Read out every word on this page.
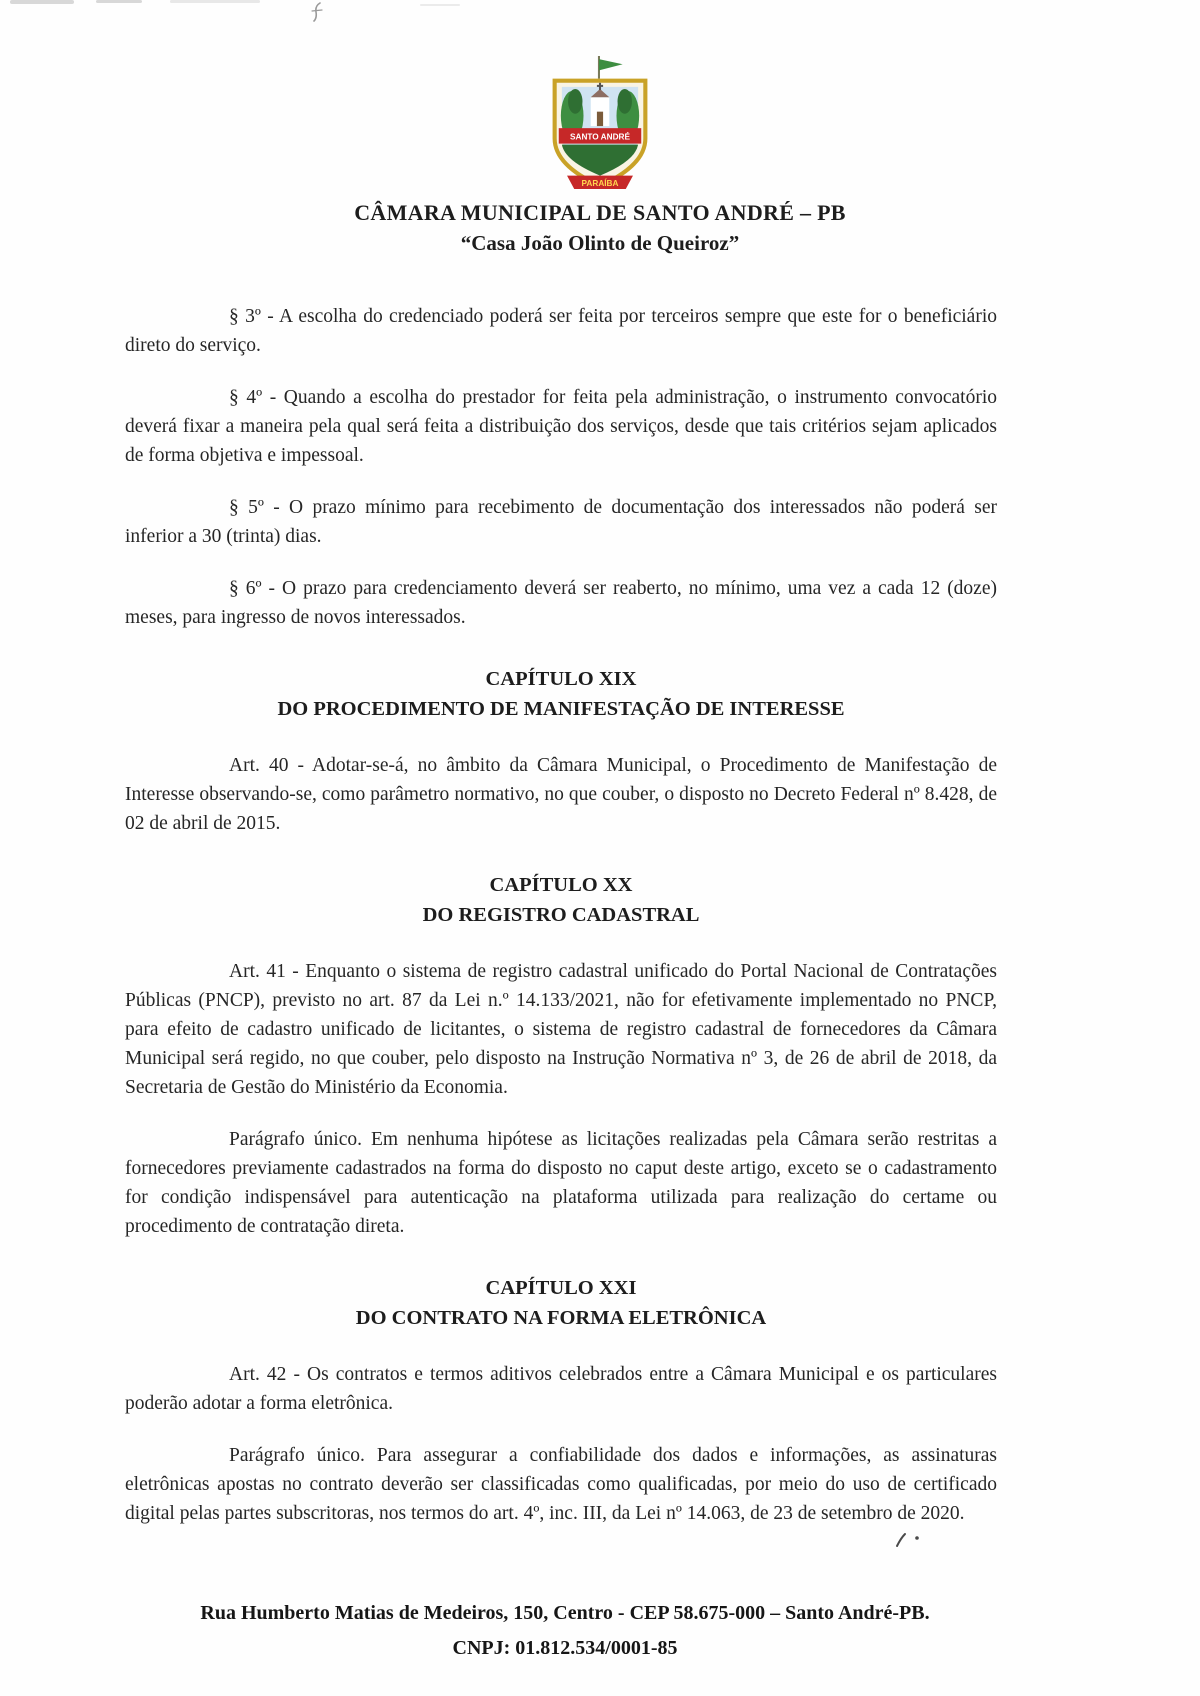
SANTO ANDRÉ
PARAÍBA
CÂMARA MUNICIPAL DE SANTO ANDRÉ – PB
“Casa João Olinto de Queiroz”

§ 3º - A escolha do credenciado poderá ser feita por terceiros sempre que este for o beneficiário direto do serviço.

§ 4º - Quando a escolha do prestador for feita pela administração, o instrumento convocatório deverá fixar a maneira pela qual será feita a distribuição dos serviços, desde que tais critérios sejam aplicados de forma objetiva e impessoal.

§ 5º - O prazo mínimo para recebimento de documentação dos interessados não poderá ser inferior a 30 (trinta) dias.

§ 6º - O prazo para credenciamento deverá ser reaberto, no mínimo, uma vez a cada 12 (doze) meses, para ingresso de novos interessados.

CAPÍTULO XIX
DO PROCEDIMENTO DE MANIFESTAÇÃO DE INTERESSE

Art. 40 - Adotar-se-á, no âmbito da Câmara Municipal, o Procedimento de Manifestação de Interesse observando-se, como parâmetro normativo, no que couber, o disposto no Decreto Federal nº 8.428, de 02 de abril de 2015.

CAPÍTULO XX
DO REGISTRO CADASTRAL

Art. 41 - Enquanto o sistema de registro cadastral unificado do Portal Nacional de Contratações Públicas (PNCP), previsto no art. 87 da Lei n.º 14.133/2021, não for efetivamente implementado no PNCP, para efeito de cadastro unificado de licitantes, o sistema de registro cadastral de fornecedores da Câmara Municipal será regido, no que couber, pelo disposto na Instrução Normativa nº 3, de 26 de abril de 2018, da Secretaria de Gestão do Ministério da Economia.

Parágrafo único. Em nenhuma hipótese as licitações realizadas pela Câmara serão restritas a fornecedores previamente cadastrados na forma do disposto no caput deste artigo, exceto se o cadastramento for condição indispensável para autenticação na plataforma utilizada para realização do certame ou procedimento de contratação direta.

CAPÍTULO XXI
DO CONTRATO NA FORMA ELETRÔNICA

Art. 42 - Os contratos e termos aditivos celebrados entre a Câmara Municipal e os particulares poderão adotar a forma eletrônica.

Parágrafo único. Para assegurar a confiabilidade dos dados e informações, as assinaturas eletrônicas apostas no contrato deverão ser classificadas como qualificadas, por meio do uso de certificado digital pelas partes subscritoras, nos termos do art. 4º, inc. III, da Lei nº 14.063, de 23 de setembro de 2020.

Rua Humberto Matias de Medeiros, 150, Centro - CEP 58.675-000 – Santo André-PB.
CNPJ: 01.812.534/0001-85
